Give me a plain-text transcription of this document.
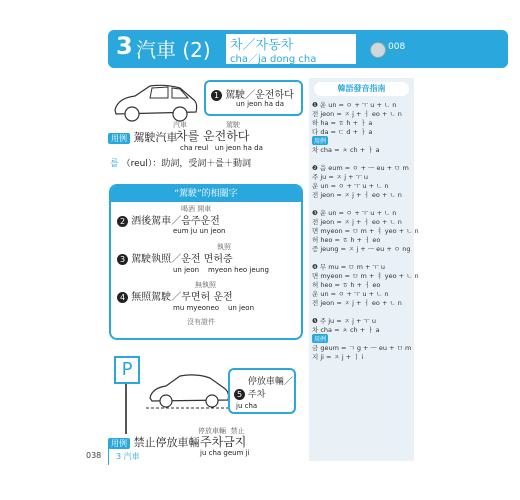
3 汽車 (2) 차／자동차
cha／ja dong cha
008
1 駕駛／운전하다
un jeon ha da
汽車	駕駛
用例 駕駛汽車
차를 운전하다
cha reul   un jeon ha da
를 （reul）：助詞，受詞＋를＋動詞
“駕駛”的相關字
喝酒 開車
2 酒後駕車／음주운전
eum ju un jeon
執照
3 駕駛執照／운전 면허증
un jeon    myeon heo jeung
無執照
4 無照駕駛／무면허 운전
mu myeoneo    un jeon
沒有證件
P
5 停放車輛／주차
ju cha
停放車輛  禁止
用例 禁止停放車輛 주차금지
ju cha geum ji
韓語發音指南
❶ 운 un = ㅇ + ㅜ u + ㄴ n
전 jeon = ㅈ j + ㅓ eo + ㄴ n
하 ha = ㅎ h + ㅏ a
다 da = ㄷ d + ㅏ a
用例
차 cha = ㅊ ch + ㅏ a
❷ 음 eum = ㅇ + ㅡ eu + ㅁ m
주 ju = ㅈ j + ㅜ u
운 un = ㅇ + ㅜ u + ㄴ n
전 jeon = ㅈ j + ㅓ eo + ㄴ n
❸ 운 un = ㅇ + ㅜ u + ㄴ n
전 jeon = ㅈ j + ㅓ eo + ㄴ n
면 myeon = ㅁ m + ㅕ yeo + ㄴ n
허 heo = ㅎ h + ㅓ eo
증 jeung = ㅈ j + ㅡ eu + ㅇ ng
❹ 무 mu = ㅁ m + ㅜ u
면 myeon = ㅁ m + ㅕ yeo + ㄴ n
허 heo = ㅎ h + ㅓ eo
운 un = ㅇ + ㅜ u + ㄴ n
전 jeon = ㅈ j + ㅓ eo + ㄴ n
❺ 주 ju = ㅈ j + ㅜ u
차 cha = ㅊ ch + ㅏ a
用例
금 geum = ㄱ g + ㅡ eu + ㅁ m
지 ji = ㅈ j + ㅣ i
038 3 汽車
